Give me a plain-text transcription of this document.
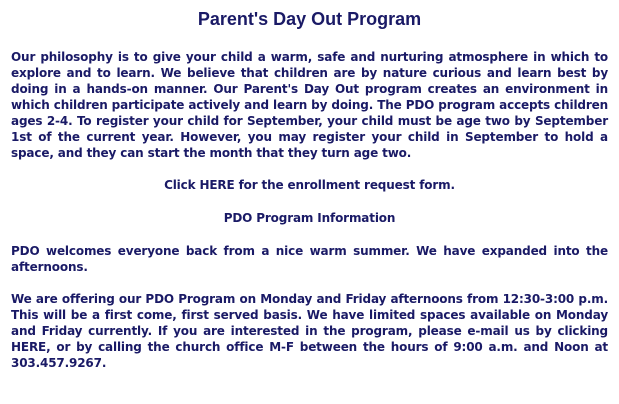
Parent's Day Out Program

Our philosophy is to give your child a warm, safe and nurturing atmosphere in which to explore and to learn. We believe that children are by nature curious and learn best by doing in a hands-on manner. Our Parent's Day Out program creates an environment in which children participate actively and learn by doing. The PDO program accepts children ages 2-4. To register your child for September, your child must be age two by September 1st of the current year. However, you may register your child in September to hold a space, and they can start the month that they turn age two.

Click HERE for the enrollment request form.

PDO Program Information

PDO welcomes everyone back from a nice warm summer. We have expanded into the afternoons.

We are offering our PDO Program on Monday and Friday afternoons from 12:30-3:00 p.m. This will be a first come, first served basis. We have limited spaces available on Monday and Friday currently. If you are interested in the program, please e-mail us by clicking HERE, or by calling the church office M-F between the hours of 9:00 a.m. and Noon at 303.457.9267.
